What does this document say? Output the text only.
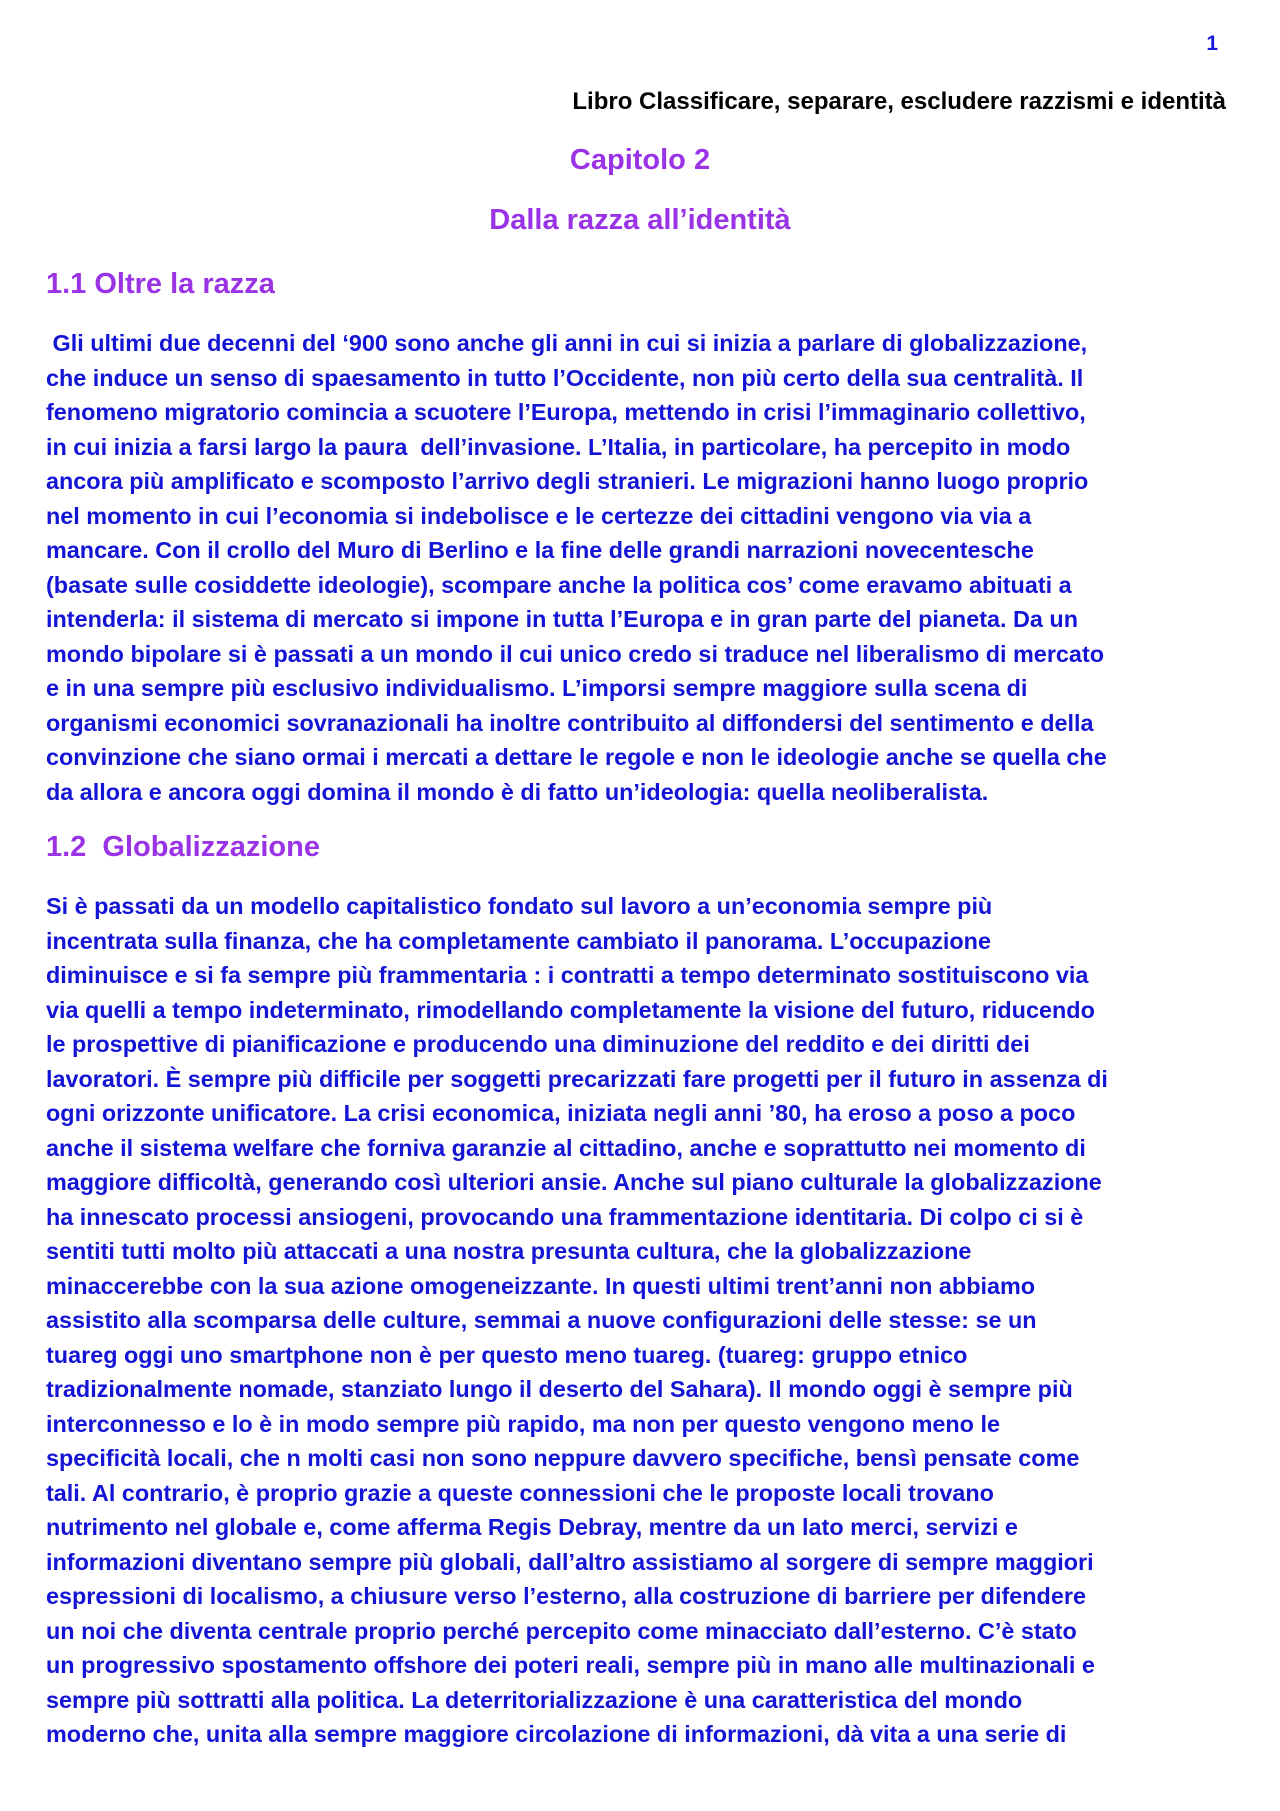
1
Libro Classificare, separare, escludere razzismi e identità
Capitolo 2
Dalla razza all’identità
1.1 Oltre la razza
Gli ultimi due decenni del ‘900 sono anche gli anni in cui si inizia a parlare di globalizzazione,
che induce un senso di spaesamento in tutto l’Occidente, non più certo della sua centralità. Il
fenomeno migratorio comincia a scuotere l’Europa, mettendo in crisi l’immaginario collettivo,
in cui inizia a farsi largo la paura  dell’invasione. L’Italia, in particolare, ha percepito in modo
ancora più amplificato e scomposto l’arrivo degli stranieri. Le migrazioni hanno luogo proprio
nel momento in cui l’economia si indebolisce e le certezze dei cittadini vengono via via a
mancare. Con il crollo del Muro di Berlino e la fine delle grandi narrazioni novecentesche
(basate sulle cosiddette ideologie), scompare anche la politica cos’ come eravamo abituati a
intenderla: il sistema di mercato si impone in tutta l’Europa e in gran parte del pianeta. Da un
mondo bipolare si è passati a un mondo il cui unico credo si traduce nel liberalismo di mercato
e in una sempre più esclusivo individualismo. L’imporsi sempre maggiore sulla scena di
organismi economici sovranazionali ha inoltre contribuito al diffondersi del sentimento e della
convinzione che siano ormai i mercati a dettare le regole e non le ideologie anche se quella che
da allora e ancora oggi domina il mondo è di fatto un’ideologia: quella neoliberalista.
1.2  Globalizzazione
Si è passati da un modello capitalistico fondato sul lavoro a un’economia sempre più
incentrata sulla finanza, che ha completamente cambiato il panorama. L’occupazione
diminuisce e si fa sempre più frammentaria : i contratti a tempo determinato sostituiscono via
via quelli a tempo indeterminato, rimodellando completamente la visione del futuro, riducendo
le prospettive di pianificazione e producendo una diminuzione del reddito e dei diritti dei
lavoratori. È sempre più difficile per soggetti precarizzati fare progetti per il futuro in assenza di
ogni orizzonte unificatore. La crisi economica, iniziata negli anni ’80, ha eroso a poso a poco
anche il sistema welfare che forniva garanzie al cittadino, anche e soprattutto nei momento di
maggiore difficoltà, generando così ulteriori ansie. Anche sul piano culturale la globalizzazione
ha innescato processi ansiogeni, provocando una frammentazione identitaria. Di colpo ci si è
sentiti tutti molto più attaccati a una nostra presunta cultura, che la globalizzazione
minaccerebbe con la sua azione omogeneizzante. In questi ultimi trent’anni non abbiamo
assistito alla scomparsa delle culture, semmai a nuove configurazioni delle stesse: se un
tuareg oggi uno smartphone non è per questo meno tuareg. (tuareg: gruppo etnico
tradizionalmente nomade, stanziato lungo il deserto del Sahara). Il mondo oggi è sempre più
interconnesso e lo è in modo sempre più rapido, ma non per questo vengono meno le
specificità locali, che n molti casi non sono neppure davvero specifiche, bensì pensate come
tali. Al contrario, è proprio grazie a queste connessioni che le proposte locali trovano
nutrimento nel globale e, come afferma Regis Debray, mentre da un lato merci, servizi e
informazioni diventano sempre più globali, dall’altro assistiamo al sorgere di sempre maggiori
espressioni di localismo, a chiusure verso l’esterno, alla costruzione di barriere per difendere
un noi che diventa centrale proprio perché percepito come minacciato dall’esterno. C’è stato
un progressivo spostamento offshore dei poteri reali, sempre più in mano alle multinazionali e
sempre più sottratti alla politica. La deterritorializzazione è una caratteristica del mondo
moderno che, unita alla sempre maggiore circolazione di informazioni, dà vita a una serie di
